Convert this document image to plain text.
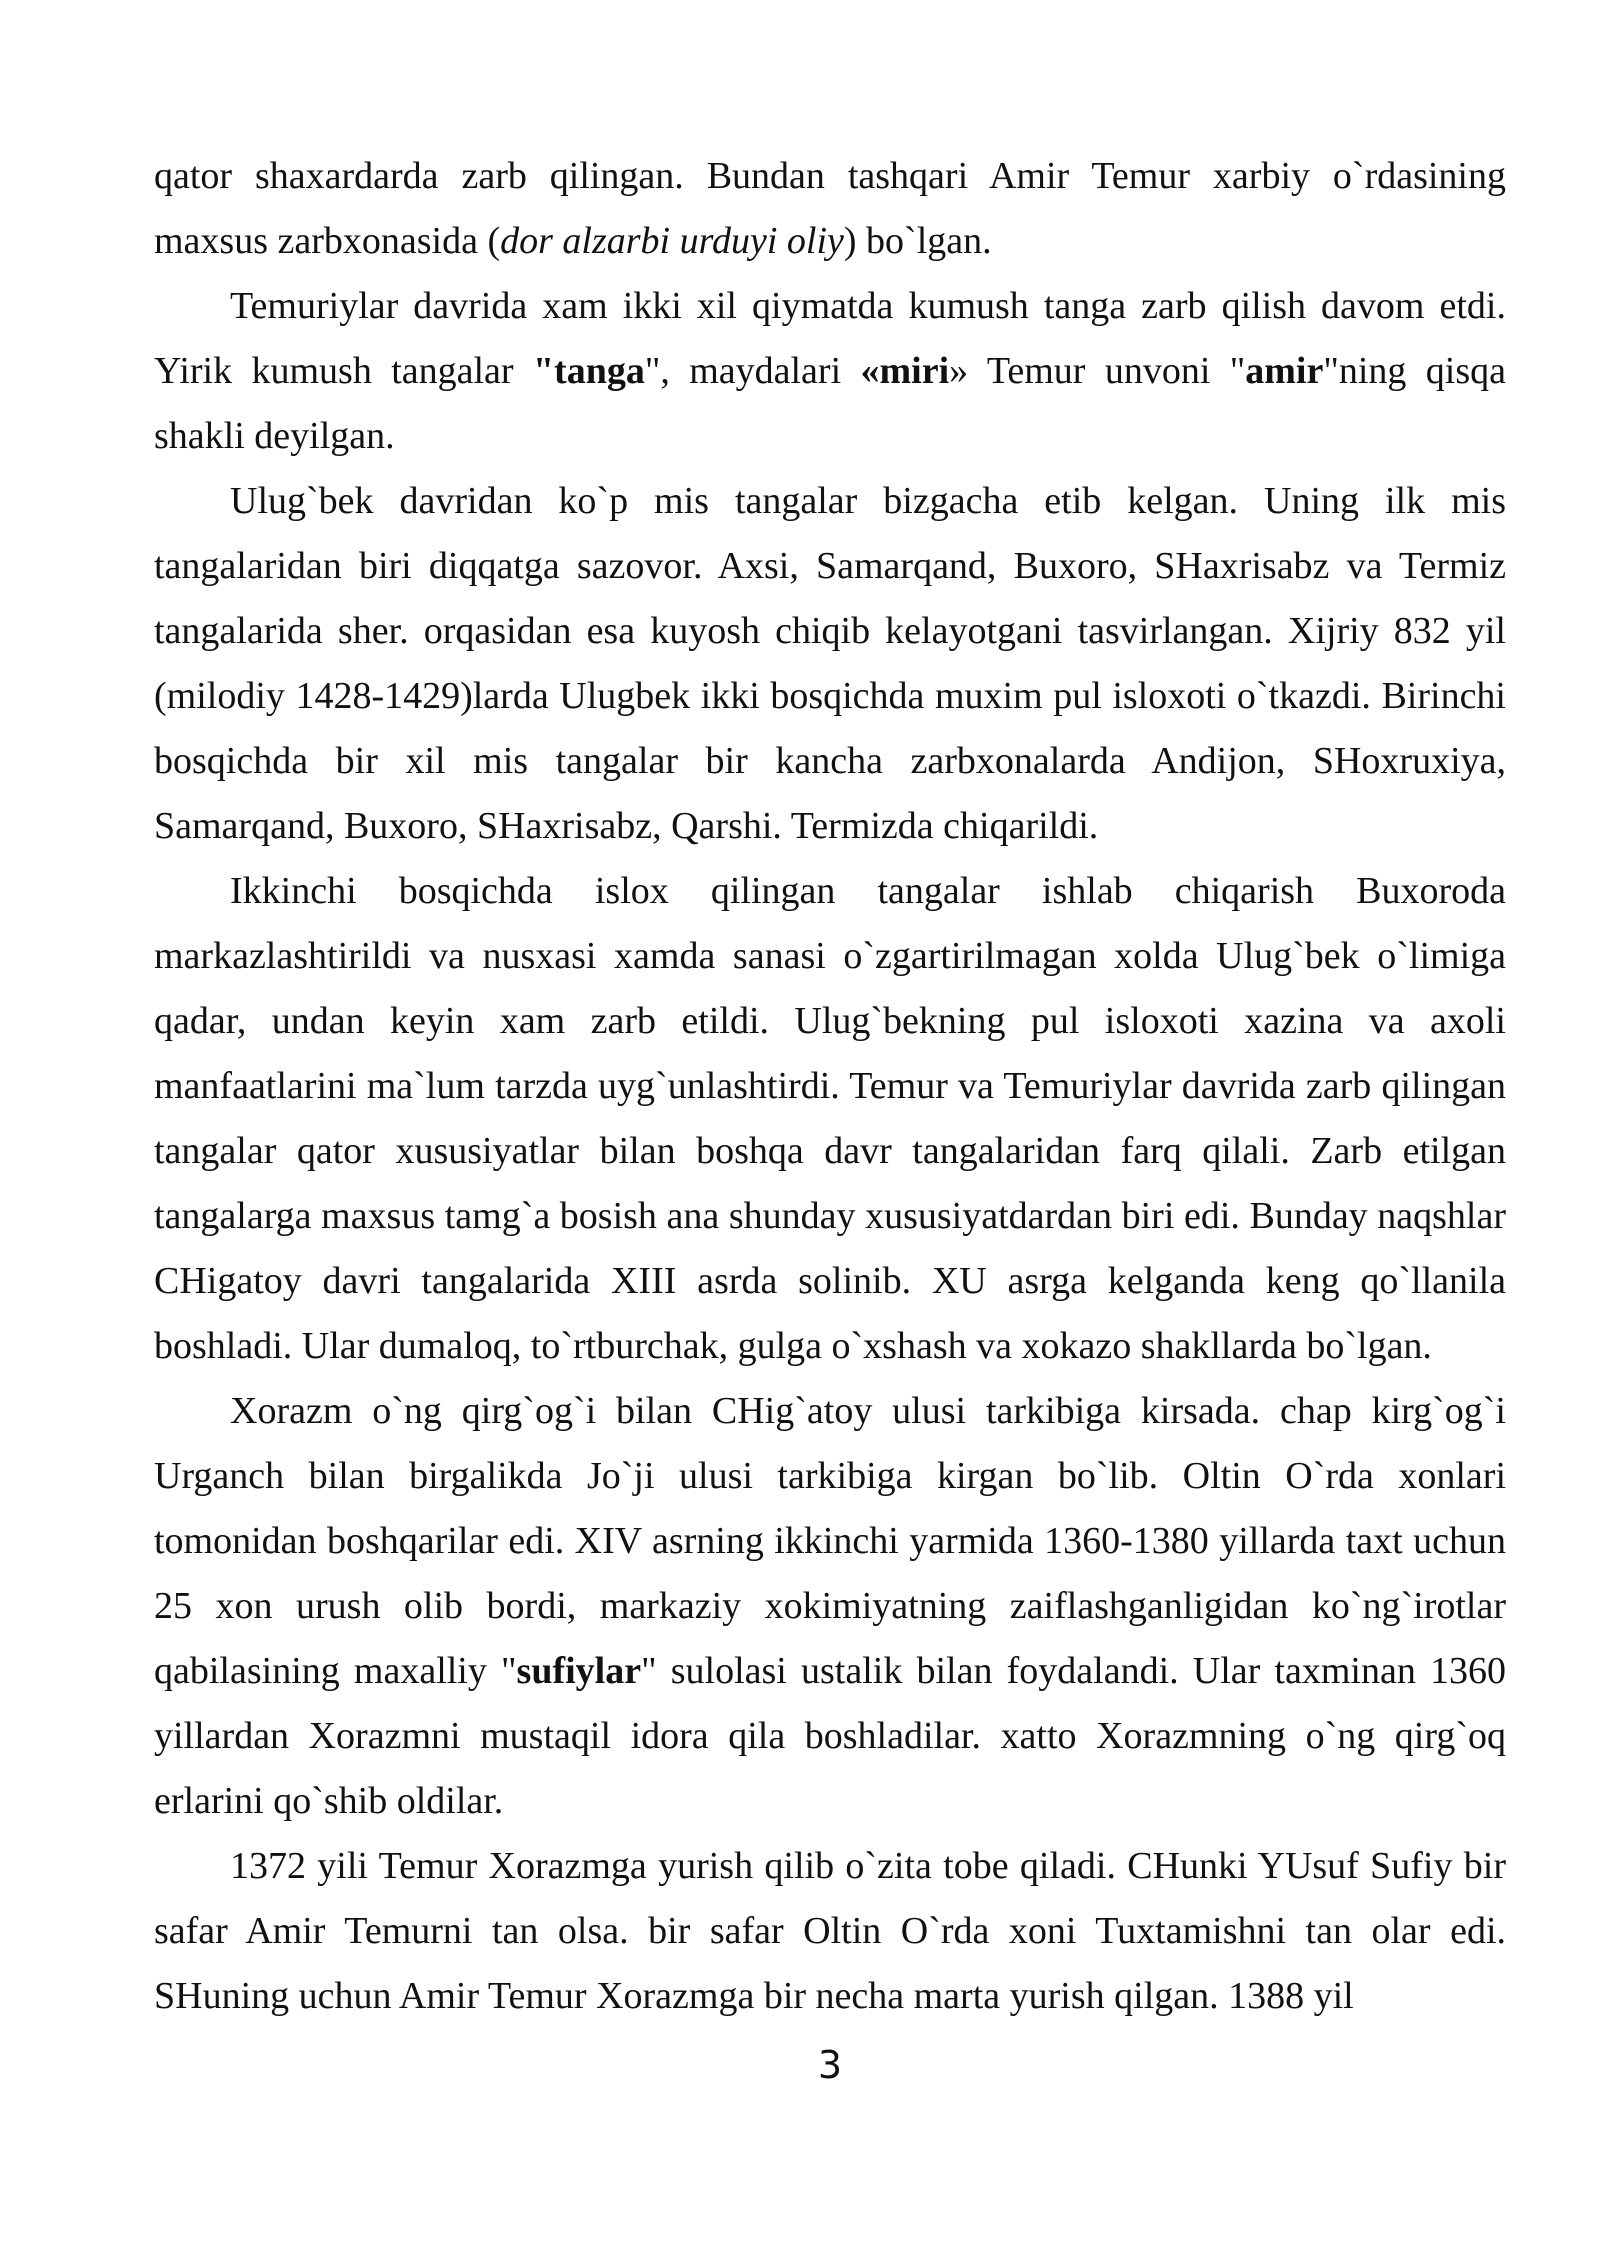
qator shaxardarda zarb qilingan. Bundan tashqari Amir Temur xarbiy o`rdasining maxsus zarbxonasida (dor alzarbi urduyi oliy) bo`lgan.

Temuriylar davrida xam ikki xil qiymatda kumush tanga zarb qilish davom etdi. Yirik kumush tangalar "tanga", maydalari «miri» Temur unvoni "amir"ning qisqa shakli deyilgan.

Ulug`bek davridan ko`p mis tangalar bizgacha etib kelgan. Uning ilk mis tangalaridan biri diqqatga sazovor. Axsi, Samarqand, Buxoro, SHaxrisabz va Termiz tangalarida sher. orqasidan esa kuyosh chiqib kelayotgani tasvirlangan. Xijriy 832 yil (milodiy 1428-1429)larda Ulugbek ikki bosqichda muxim pul isloxoti o`tkazdi. Birinchi bosqichda bir xil mis tangalar bir kancha zarbxonalarda Andijon, SHoxruxiya, Samarqand, Buxoro, SHaxrisabz, Qarshi. Termizda chiqarildi.

Ikkinchi bosqichda islox qilingan tangalar ishlab chiqarish Buxoroda markazlashtirildi va nusxasi xamda sanasi o`zgartirilmagan xolda Ulug`bek o`limiga qadar, undan keyin xam zarb etildi. Ulug`bekning pul isloxoti xazina va axoli manfaatlarini ma`lum tarzda uyg`unlashtirdi. Temur va Temuriylar davrida zarb qilingan tangalar qator xususiyatlar bilan boshqa davr tangalaridan farq qilali. Zarb etilgan tangalarga maxsus tamg`a bosish ana shunday xususiyatdardan biri edi. Bunday naqshlar CHigatoy davri tangalarida XIII asrda solinib. XU asrga kelganda keng qo`llanila boshladi. Ular dumaloq, to`rtburchak, gulga o`xshash va xokazo shakllarda bo`lgan.

Xorazm o`ng qirg`og`i bilan CHig`atoy ulusi tarkibiga kirsada. chap kirg`og`i Urganch bilan birgalikda Jo`ji ulusi tarkibiga kirgan bo`lib. Oltin O`rda xonlari tomonidan boshqarilar edi. XIV asrning ikkinchi yarmida 1360-1380 yillarda taxt uchun 25 xon urush olib bordi, markaziy xokimiyatning zaiflashganligidan ko`ng`irotlar qabilasining maxalliy "sufiylar" sulolasi ustalik bilan foydalandi. Ular taxminan 1360 yillardan Xorazmni mustaqil idora qila boshladilar. xatto Xorazmning o`ng qirg`oq erlarini qo`shib oldilar.

1372 yili Temur Xorazmga yurish qilib o`zita tobe qiladi. CHunki YUsuf Sufiy bir safar Amir Temurni tan olsa. bir safar Oltin O`rda xoni Tuxtamishni tan olar edi. SHuning uchun Amir Temur Xorazmga bir necha marta yurish qilgan. 1388 yil

3
